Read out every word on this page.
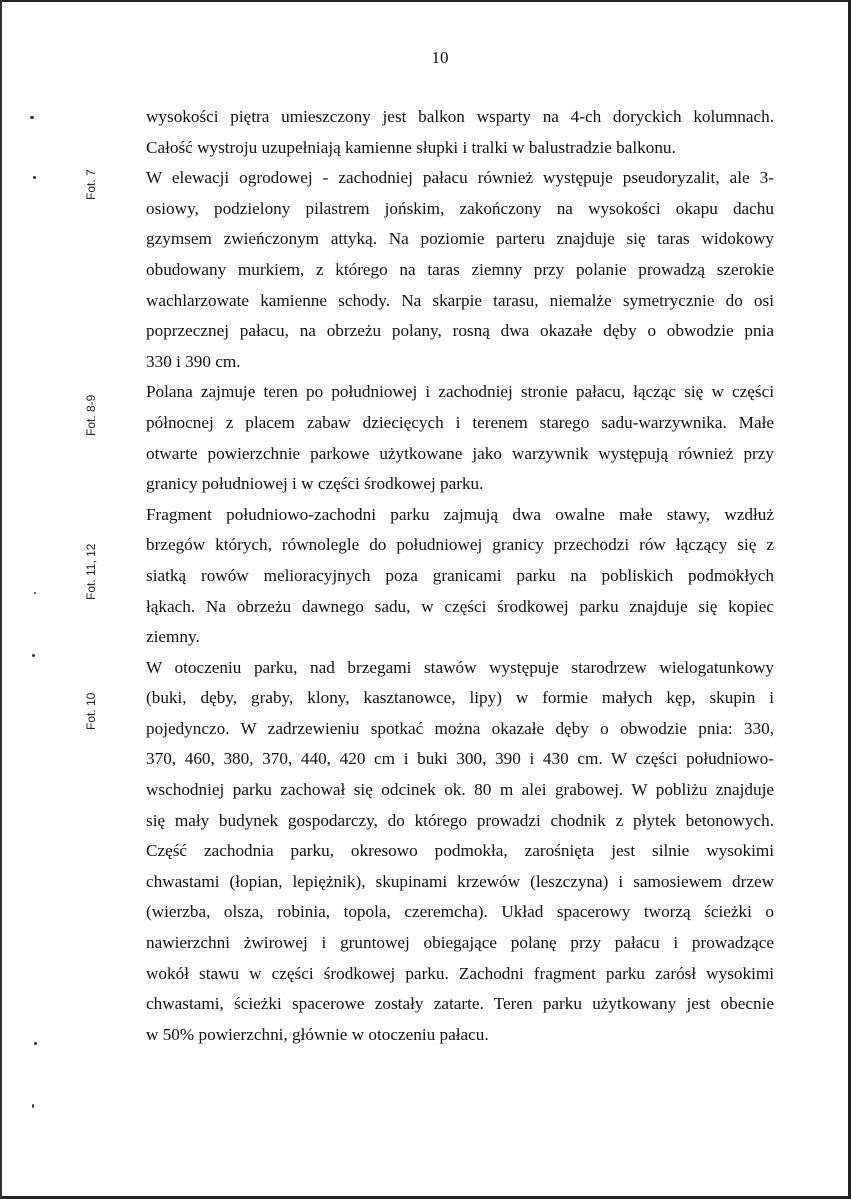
10
Fot. 7
Fot. 8-9
Fot. 11, 12
Fot. 10
wysokości piętra umieszczony jest balkon wsparty na 4-ch doryckich kolumnach.
Całość wystroju uzupełniają kamienne słupki i tralki w balustradzie balkonu.
W elewacji ogrodowej - zachodniej pałacu również występuje pseudoryzalit, ale 3-
osiowy, podzielony pilastrem jońskim, zakończony na wysokości okapu dachu
gzymsem zwieńczonym attyką. Na poziomie parteru znajduje się taras widokowy
obudowany murkiem, z którego na taras ziemny przy polanie prowadzą szerokie
wachlarzowate kamienne schody. Na skarpie tarasu, niemalże symetrycznie do osi
poprzecznej pałacu, na obrzeżu polany, rosną dwa okazałe dęby o obwodzie pnia
330 i 390 cm.
Polana zajmuje teren po południowej i zachodniej stronie pałacu, łącząc się w części
północnej z placem zabaw dziecięcych i terenem starego sadu-warzywnika. Małe
otwarte powierzchnie parkowe użytkowane jako warzywnik występują również przy
granicy południowej i w części środkowej parku.
Fragment południowo-zachodni parku zajmują dwa owalne małe stawy, wzdłuż
brzegów których, równolegle do południowej granicy przechodzi rów łączący się z
siatką rowów melioracyjnych poza granicami parku na pobliskich podmokłych
łąkach. Na obrzeżu dawnego sadu, w części środkowej parku znajduje się kopiec
ziemny.
W otoczeniu parku, nad brzegami stawów występuje starodrzew wielogatunkowy
(buki, dęby, graby, klony, kasztanowce, lipy) w formie małych kęp, skupin i
pojedynczo. W zadrzewieniu spotkać można okazałe dęby o obwodzie pnia: 330,
370, 460, 380, 370, 440, 420 cm i buki 300, 390 i 430 cm. W części południowo-
wschodniej parku zachował się odcinek ok. 80 m alei grabowej. W pobliżu znajduje
się mały budynek gospodarczy, do którego prowadzi chodnik z płytek betonowych.
Część zachodnia parku, okresowo podmokła, zarośnięta jest silnie wysokimi
chwastami (łopian, lepiężnik), skupinami krzewów (leszczyna) i samosiewem drzew
(wierzba, olsza, robinia, topola, czeremcha). Układ spacerowy tworzą ścieżki o
nawierzchni żwirowej i gruntowej obiegające polanę przy pałacu i prowadzące
wokół stawu w części środkowej parku. Zachodni fragment parku zarósł wysokimi
chwastami, ścieżki spacerowe zostały zatarte. Teren parku użytkowany jest obecnie
w 50% powierzchni, głównie w otoczeniu pałacu.
